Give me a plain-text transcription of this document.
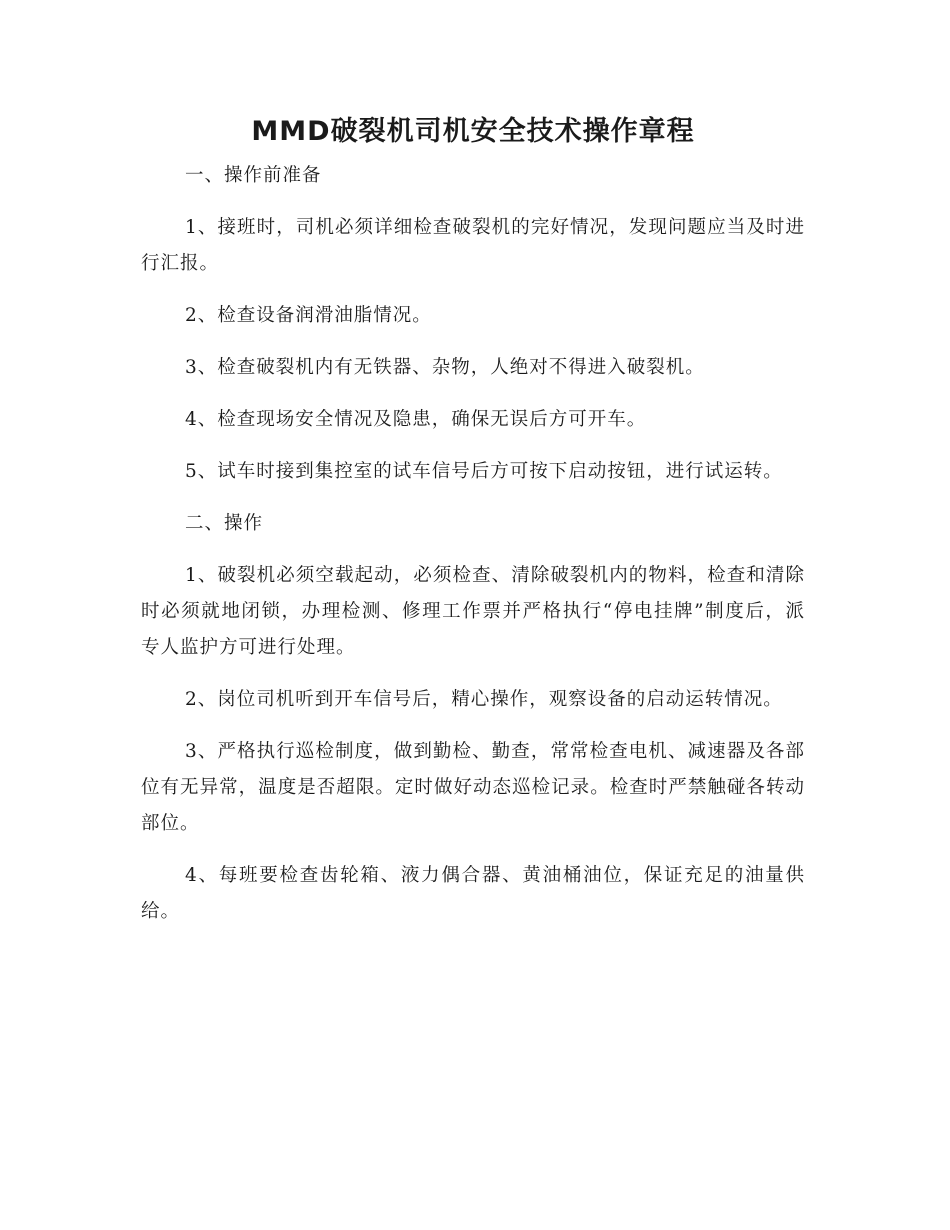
MMD破裂机司机安全技术操作章程

一、操作前准备

1、接班时，司机必须详细检查破裂机的完好情况，发现问题应当及时进行汇报。

2、检查设备润滑油脂情况。

3、检查破裂机内有无铁器、杂物，人绝对不得进入破裂机。

4、检查现场安全情况及隐患，确保无误后方可开车。

5、试车时接到集控室的试车信号后方可按下启动按钮，进行试运转。

二、操作

1、破裂机必须空载起动，必须检查、清除破裂机内的物料，检查和清除时必须就地闭锁，办理检测、修理工作票并严格执行“停电挂牌”制度后，派专人监护方可进行处理。

2、岗位司机听到开车信号后，精心操作，观察设备的启动运转情况。

3、严格执行巡检制度，做到勤检、勤查，常常检查电机、减速器及各部位有无异常，温度是否超限。定时做好动态巡检记录。检查时严禁触碰各转动部位。

4、每班要检查齿轮箱、液力偶合器、黄油桶油位，保证充足的油量供给。
